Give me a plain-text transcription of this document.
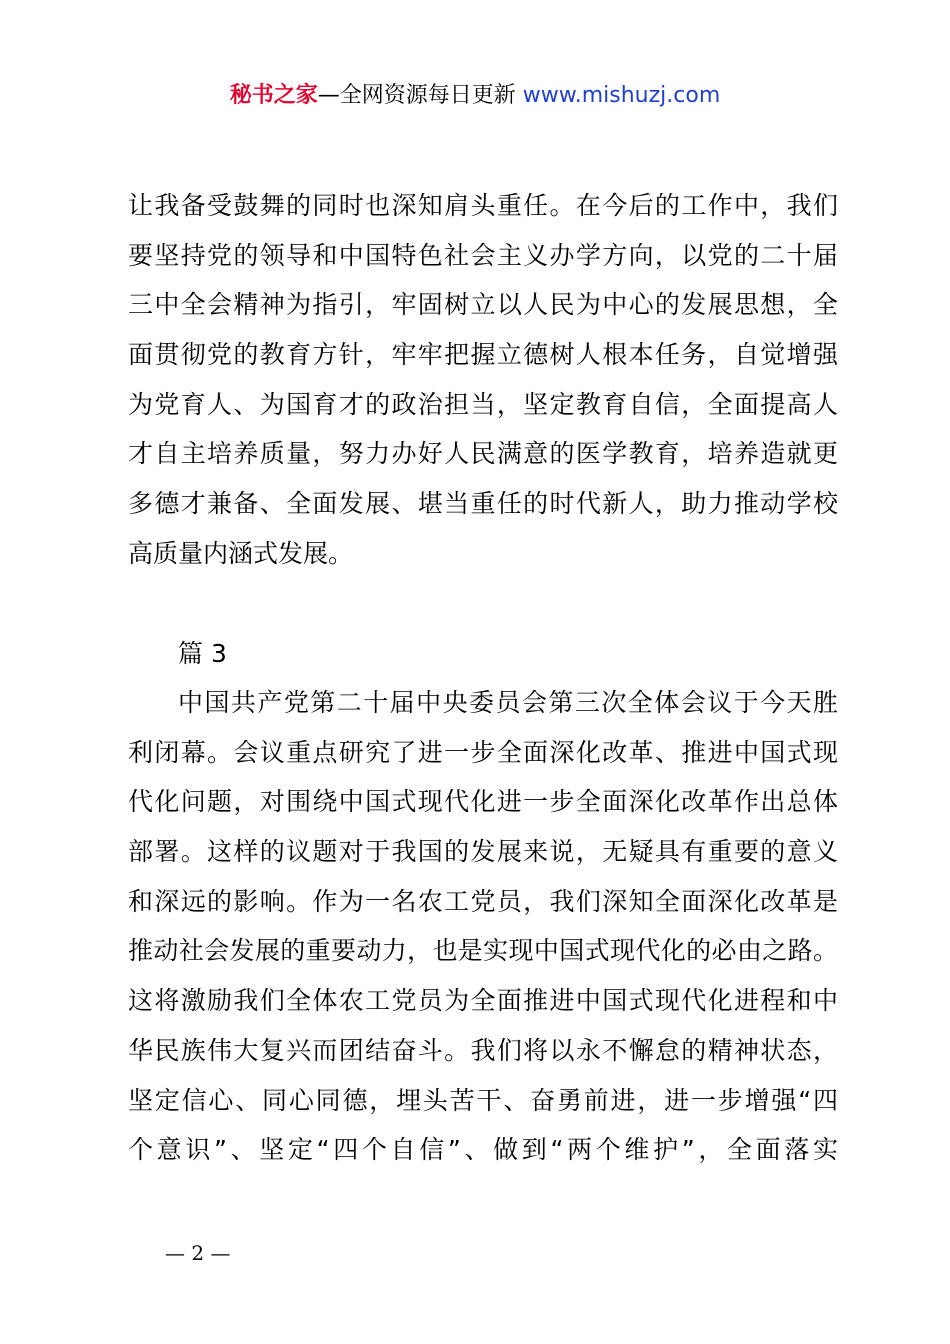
秘书之家—全网资源每日更新 www.mishuzj.com
让我备受鼓舞的同时也深知肩头重任。在今后的工作中，我们
要坚持党的领导和中国特色社会主义办学方向，以党的二十届
三中全会精神为指引，牢固树立以人民为中心的发展思想，全
面贯彻党的教育方针，牢牢把握立德树人根本任务，自觉增强
为党育人、为国育才的政治担当，坚定教育自信，全面提高人
才自主培养质量，努力办好人民满意的医学教育，培养造就更
多德才兼备、全面发展、堪当重任的时代新人，助力推动学校
高质量内涵式发展。
篇 3
中国共产党第二十届中央委员会第三次全体会议于今天胜
利闭幕。会议重点研究了进一步全面深化改革、推进中国式现
代化问题，对围绕中国式现代化进一步全面深化改革作出总体
部署。这样的议题对于我国的发展来说，无疑具有重要的意义
和深远的影响。作为一名农工党员，我们深知全面深化改革是
推动社会发展的重要动力，也是实现中国式现代化的必由之路。
这将激励我们全体农工党员为全面推进中国式现代化进程和中
华民族伟大复兴而团结奋斗。我们将以永不懈怠的精神状态，
坚定信心、同心同德，埋头苦干、奋勇前进，进一步增强“四
个意识”、坚定“四个自信”、做到“两个维护”，全面落实
— 2 —
